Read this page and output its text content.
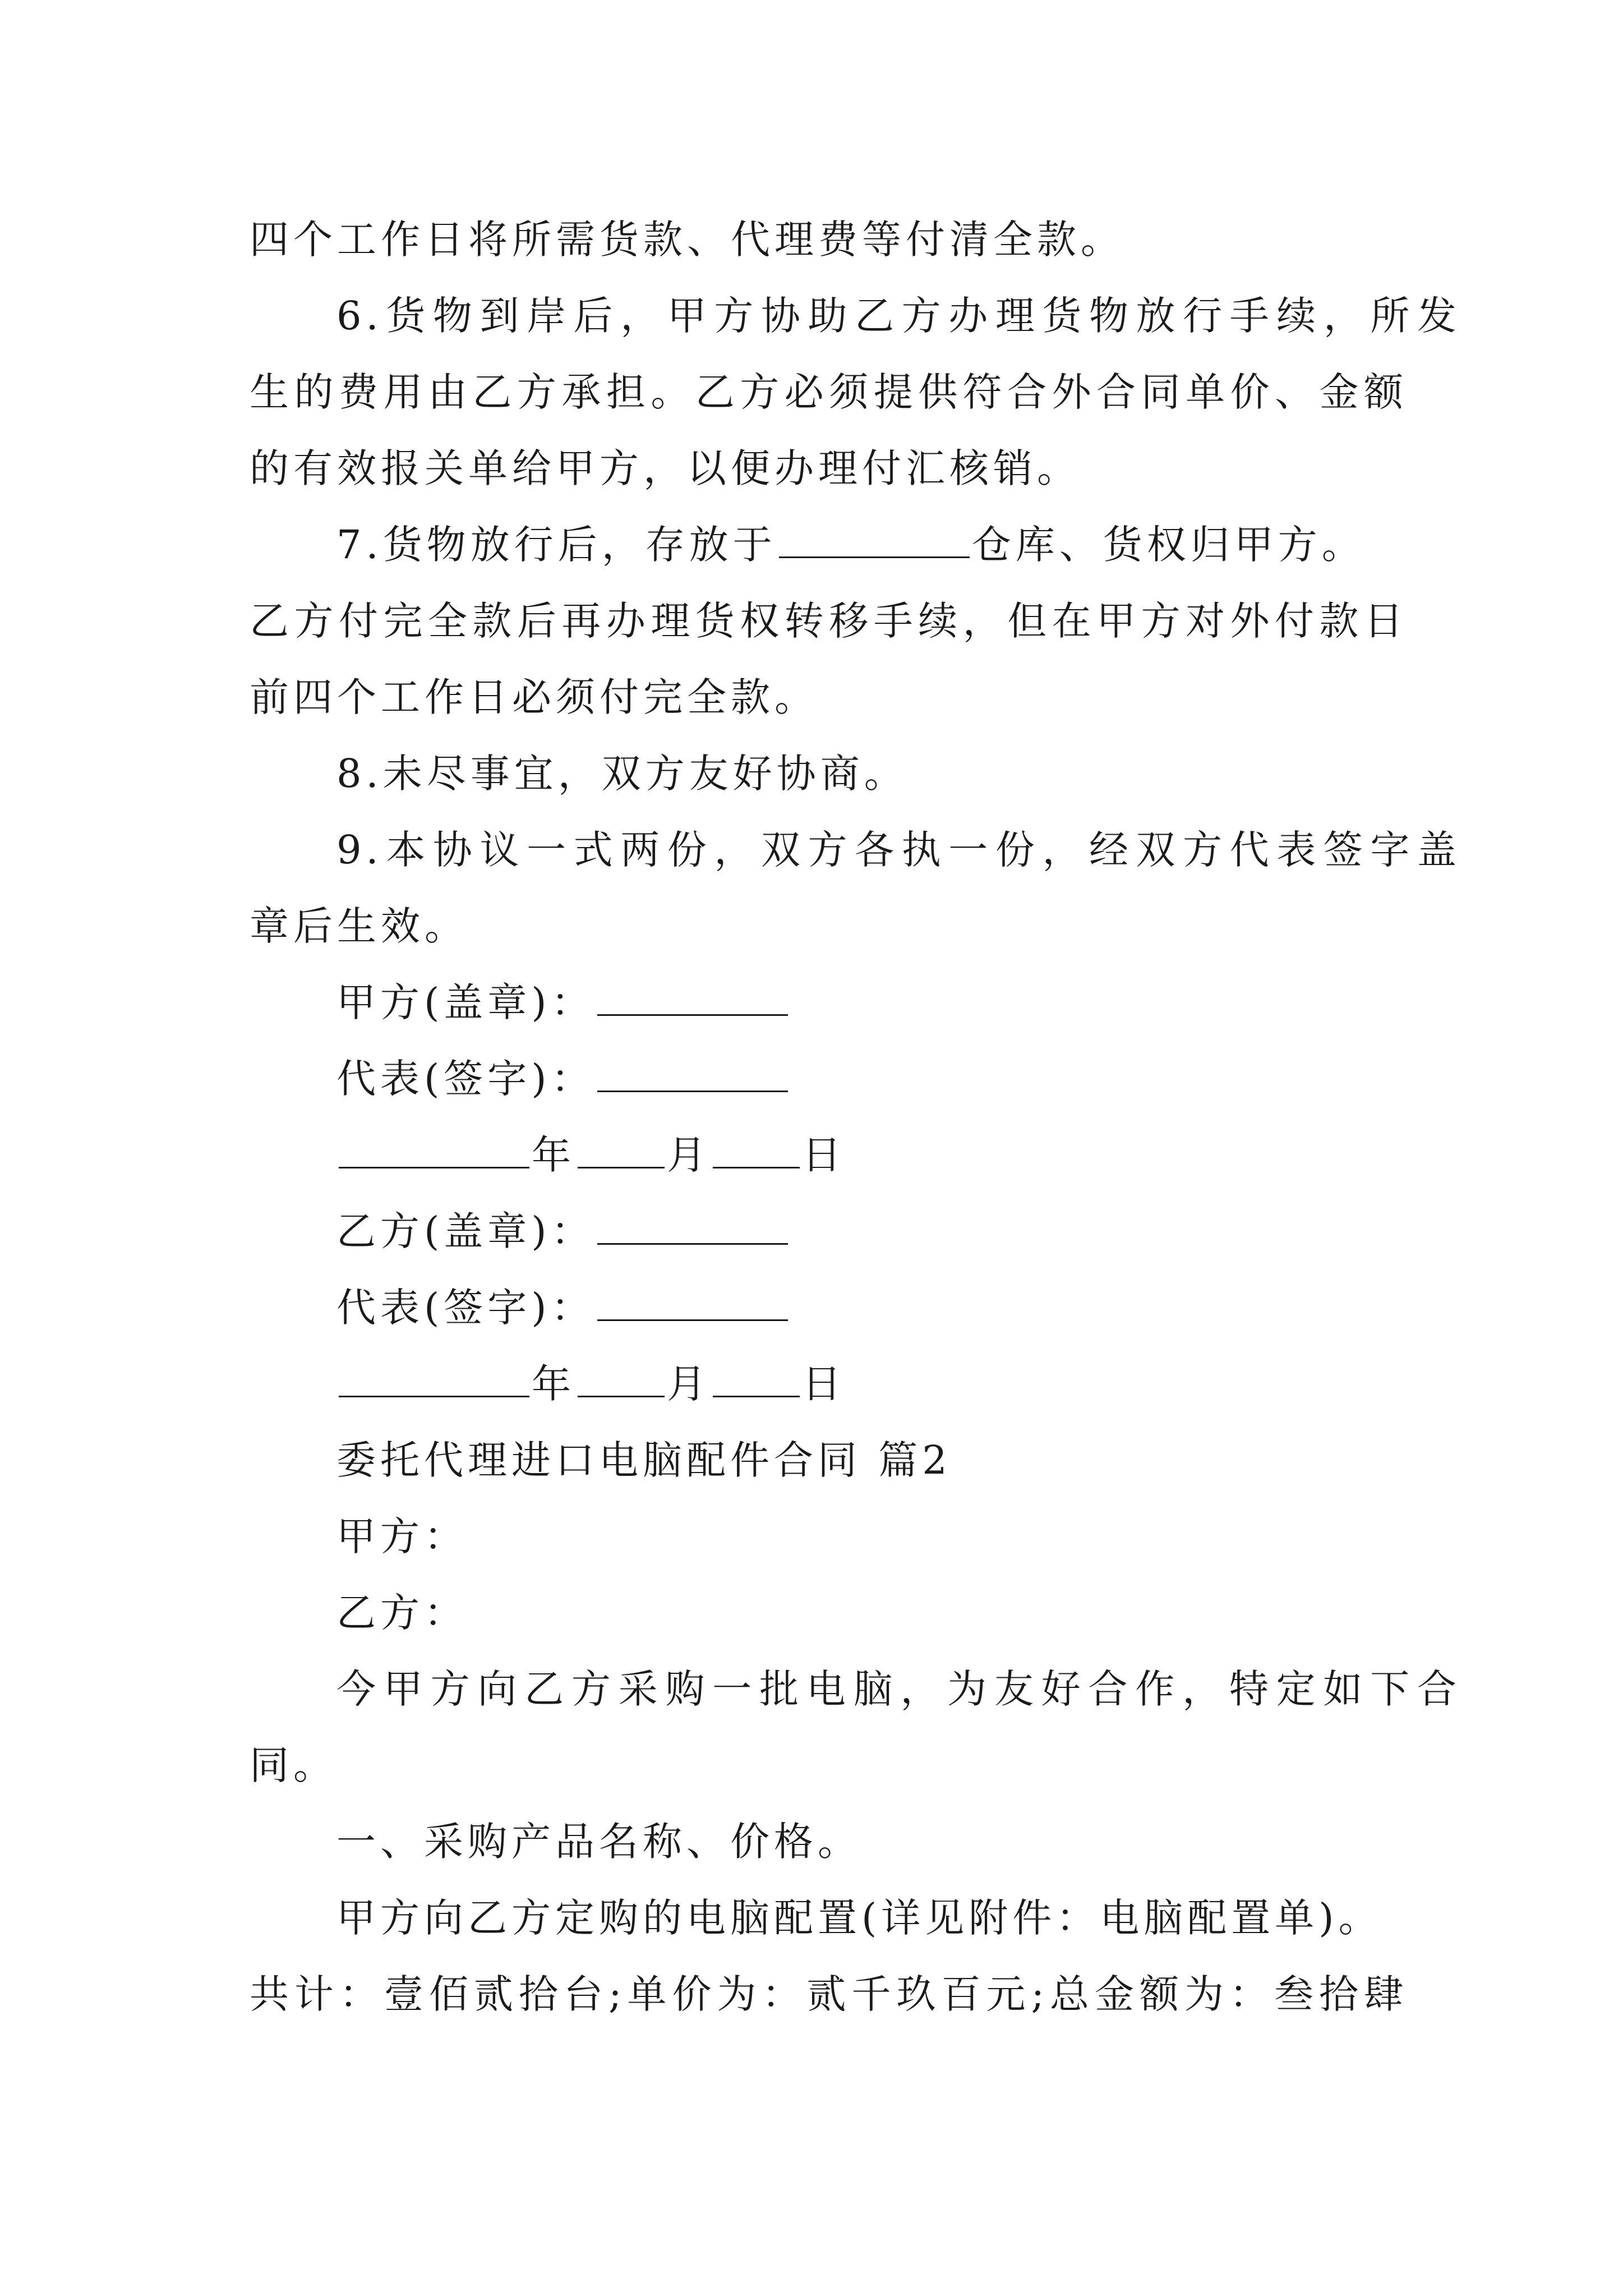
四个工作日将所需货款、代理费等付清全款。
6.货物到岸后，甲方协助乙方办理货物放行手续，所发
生的费用由乙方承担。乙方必须提供符合外合同单价、金额
的有效报关单给甲方，以便办理付汇核销。
7.货物放行后，存放于	仓库、货权归甲方。
乙方付完全款后再办理货权转移手续，但在甲方对外付款日
前四个工作日必须付完全款。
8.未尽事宜，双方友好协商。
9.本协议一式两份，双方各执一份，经双方代表签字盖
章后生效。
甲方(盖章)：
代表(签字)：
年 月 日
乙方(盖章)：
代表(签字)：
年 月 日
委托代理进口电脑配件合同 篇2
甲方：
乙方：
今甲方向乙方采购一批电脑，为友好合作，特定如下合
同。
一、采购产品名称、价格。
甲方向乙方定购的电脑配置(详见附件：电脑配置单)。
共计：壹佰贰拾台;单价为：贰千玖百元;总金额为：叁拾肆
